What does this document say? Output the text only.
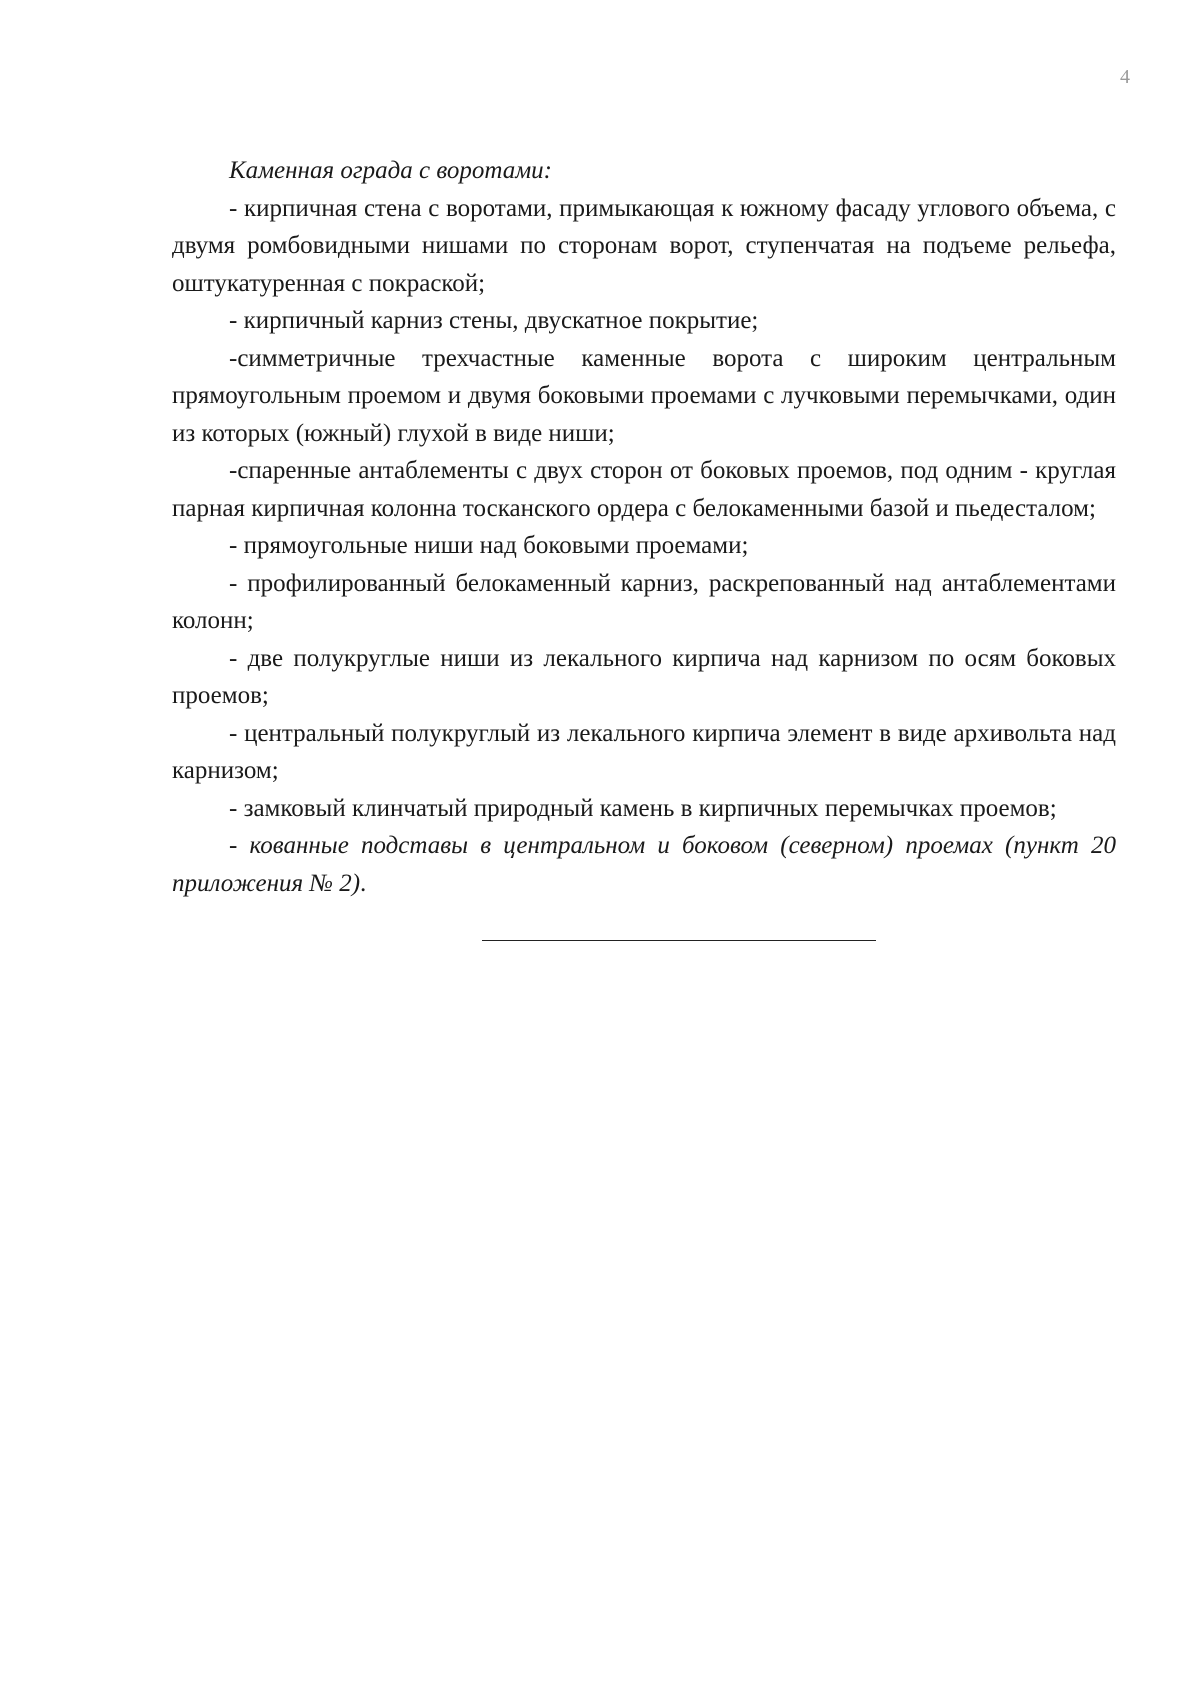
4

Каменная ограда с воротами:

- кирпичная стена с воротами, примыкающая к южному фасаду углового объема, с двумя ромбовидными нишами по сторонам ворот, ступенчатая на подъеме рельефа, оштукатуренная с покраской;

- кирпичный карниз стены, двускатное покрытие;

-симметричные трехчастные каменные ворота с широким центральным прямоугольным проемом и двумя боковыми проемами с лучковыми перемычками, один из которых (южный) глухой в виде ниши;

-спаренные антаблементы с двух сторон от боковых проемов, под одним - круглая парная кирпичная колонна тосканского ордера с белокаменными базой и пьедесталом;

- прямоугольные ниши над боковыми проемами;

- профилированный белокаменный карниз, раскрепованный над антаблементами колонн;

- две полукруглые ниши из лекального кирпича над карнизом по осям боковых проемов;

- центральный полукруглый из лекального кирпича элемент в виде архивольта над карнизом;

- замковый клинчатый природный камень в кирпичных перемычках проемов;

- кованные подставы в центральном и боковом (северном) проемах (пункт 20 приложения № 2).
